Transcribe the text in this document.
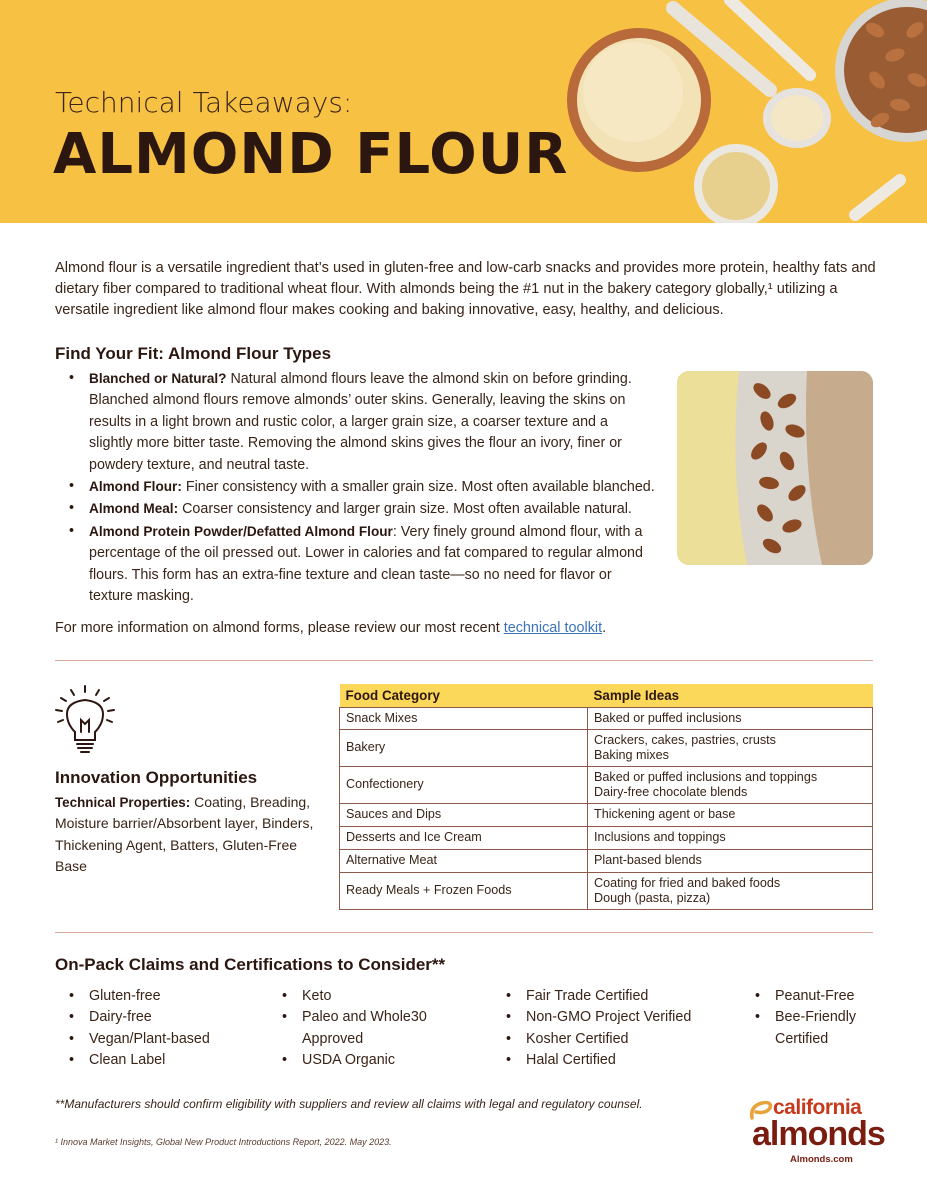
Technical Takeaways:
ALMOND FLOUR

Almond flour is a versatile ingredient that’s used in gluten-free and low-carb snacks and provides more protein, healthy fats and dietary fiber compared to traditional wheat flour. With almonds being the #1 nut in the bakery category globally,¹ utilizing a versatile ingredient like almond flour makes cooking and baking innovative, easy, healthy, and delicious.

Find Your Fit: Almond Flour Types
• Blanched or Natural? Natural almond flours leave the almond skin on before grinding. Blanched almond flours remove almonds’ outer skins. Generally, leaving the skins on results in a light brown and rustic color, a larger grain size, a coarser texture and a slightly more bitter taste. Removing the almond skins gives the flour an ivory, finer or powdery texture, and neutral taste.
• Almond Flour: Finer consistency with a smaller grain size. Most often available blanched.
• Almond Meal: Coarser consistency and larger grain size. Most often available natural.
• Almond Protein Powder/Defatted Almond Flour: Very finely ground almond flour, with a percentage of the oil pressed out. Lower in calories and fat compared to regular almond flours. This form has an extra-fine texture and clean taste—so no need for flavor or texture masking.
For more information on almond forms, please review our most recent technical toolkit.
Innovation Opportunities

Technical Properties: Coating, Breading, Moisture barrier/Absorbent layer, Binders, Thickening Agent, Batters, Gluten-Free Base

Food Category	Sample Ideas
Snack Mixes	Baked or puffed inclusions

Bakery	Crackers, cakes, pastries, crusts
Baking mixes

Confectionery	Baked or puffed inclusions and toppings
Dairy-free chocolate blends

Sauces and Dips	Thickening agent or base

Desserts and Ice Cream	Inclusions and toppings

Alternative Meat	Plant-based blends

Ready Meals + Frozen Foods	Coating for fried and baked foods
Dough (pasta, pizza)
On-Pack Claims and Certifications to Consider**
• Gluten-free
• Dairy-free
• Vegan/Plant-based
• Clean Label
• Keto
• Paleo and Whole30 Approved
• USDA Organic
• Fair Trade Certified
• Non-GMO Project Verified
• Kosher Certified
• Halal Certified
• Peanut-Free
• Bee-Friendly Certified

**Manufacturers should confirm eligibility with suppliers and review all claims with legal and regulatory counsel.

¹ Innova Market Insights, Global New Product Introductions Report, 2022. May 2023.

california
almonds
Almonds.com
